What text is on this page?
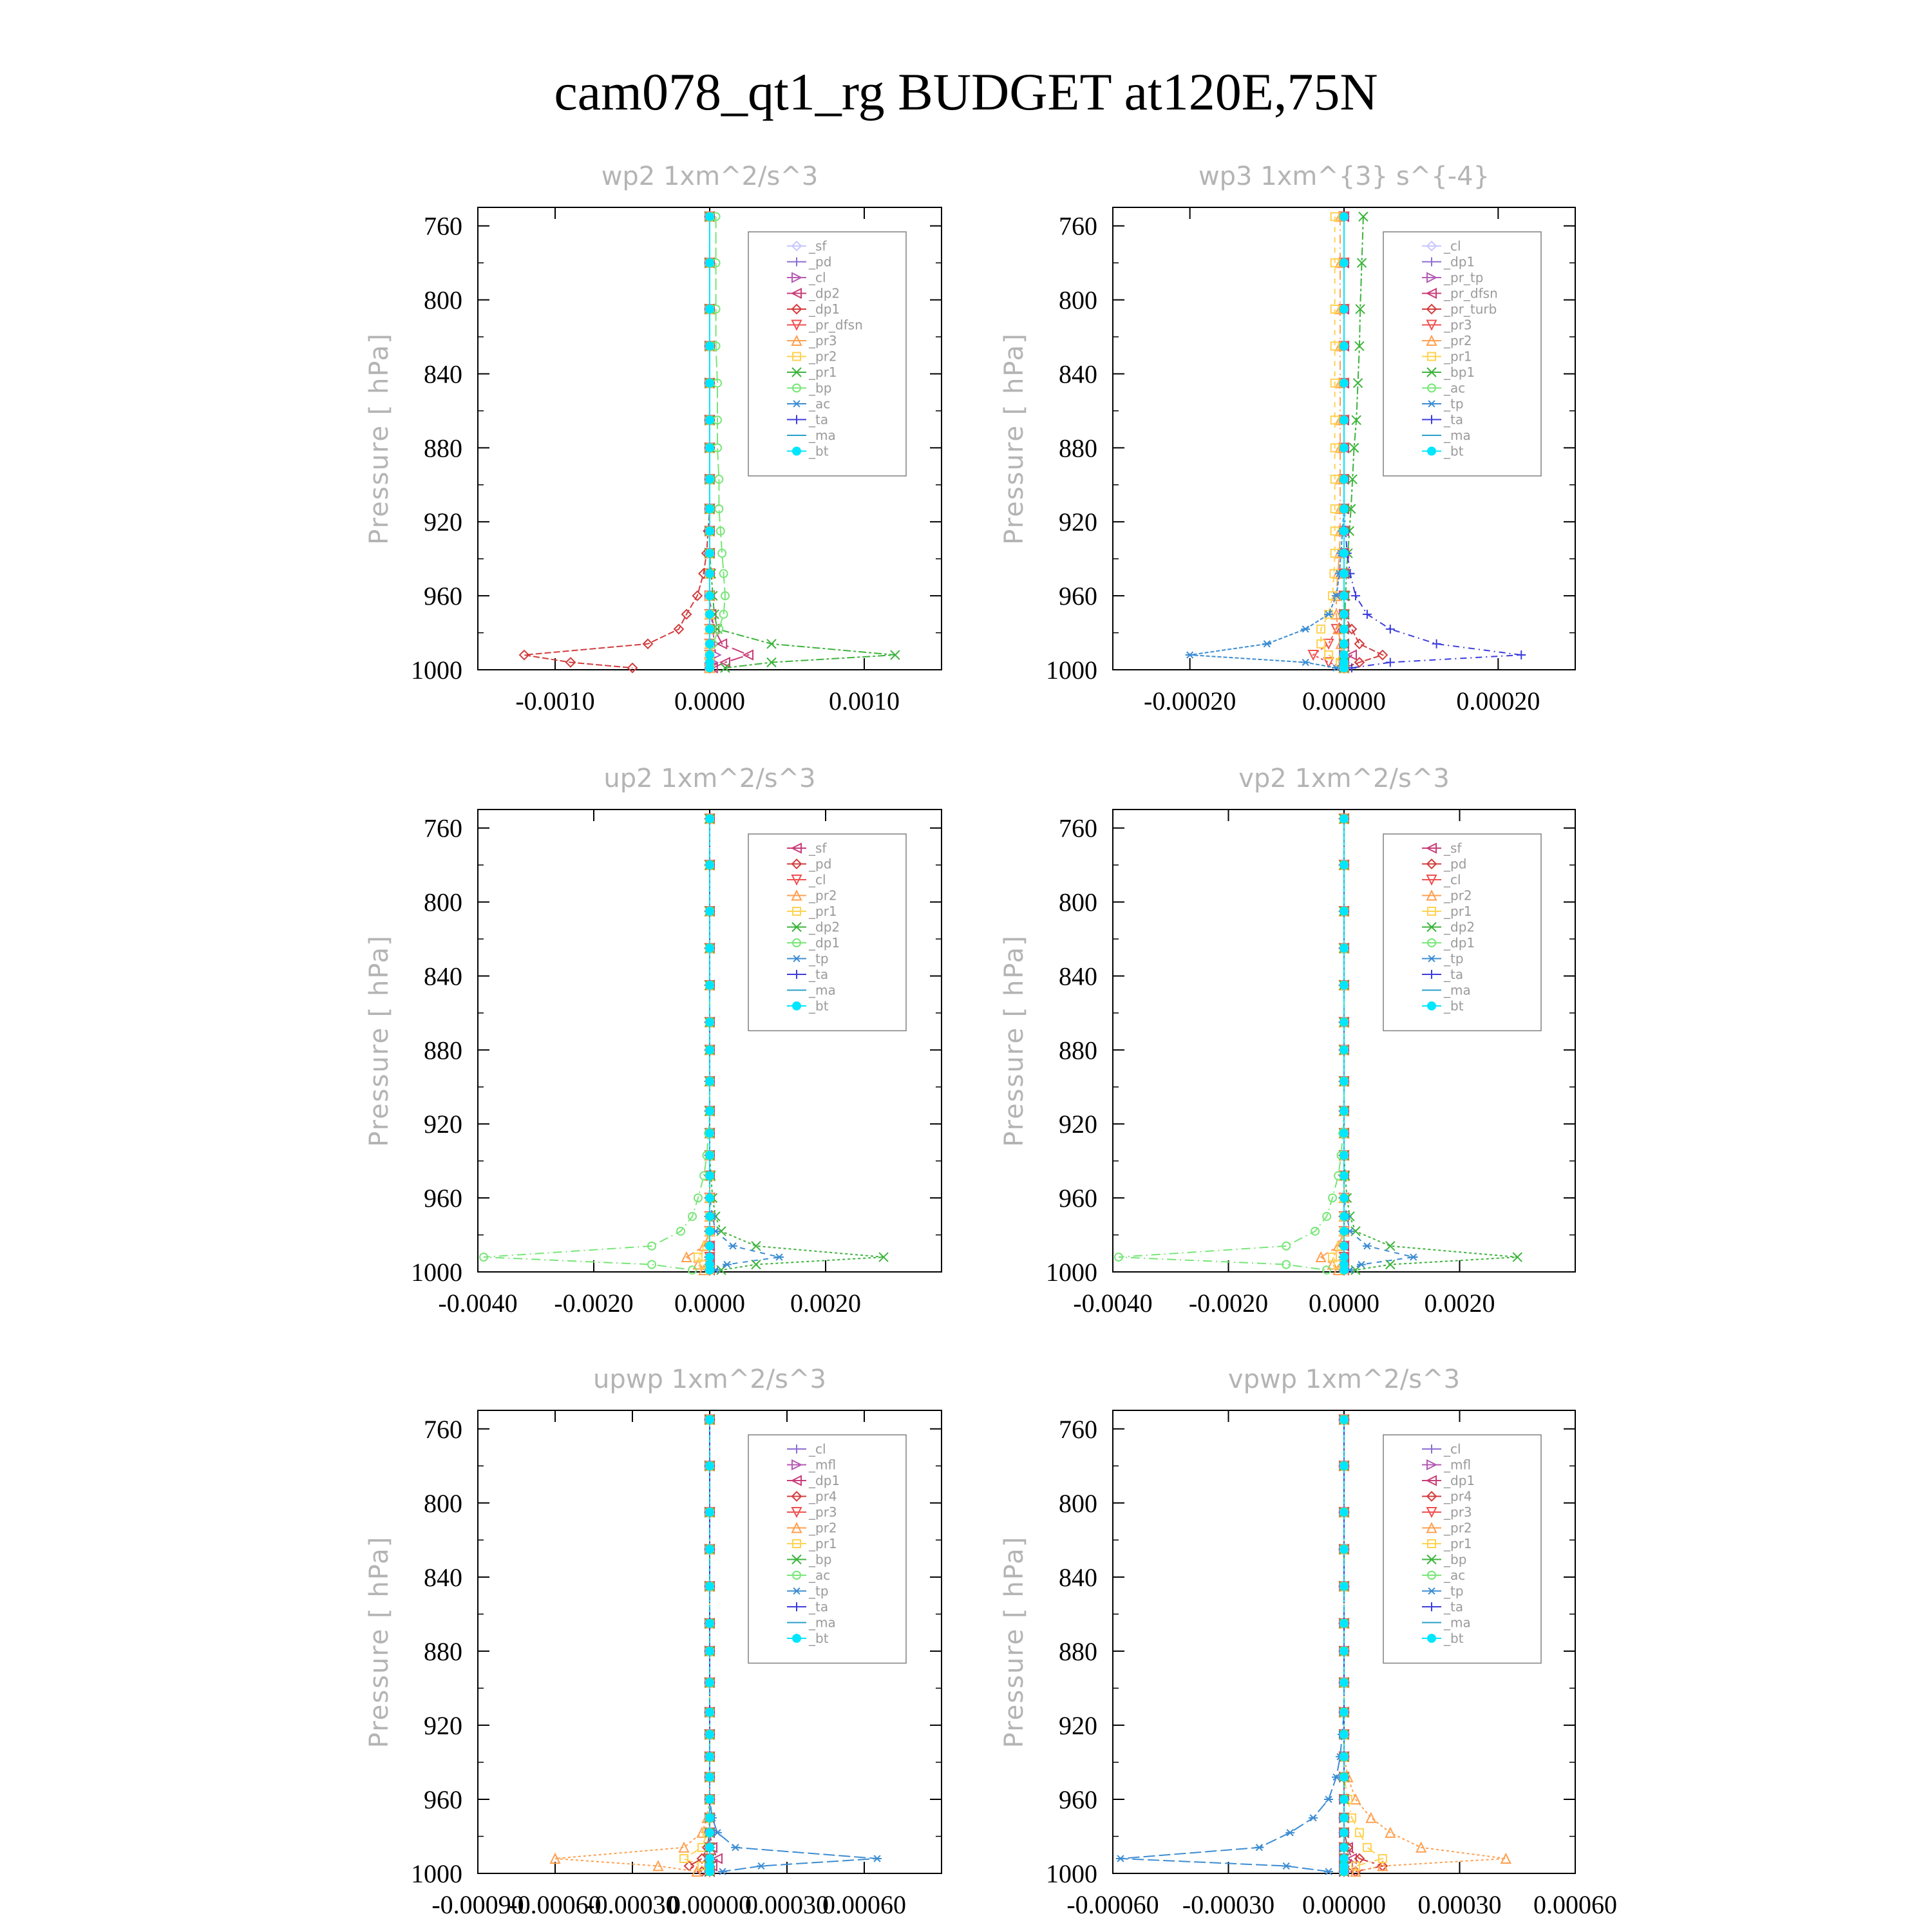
cam078_qt1_rg BUDGET at120E,75N
wp2 1xm^2/s^3
Pressure [ hPa]
760
800
840
880
920
960
1000
-0.0010	0.0000	0.0010
_sf
_pd
_cl
_dp2
_dp1
_pr_dfsn
_pr3
_pr2
_pr1
_bp
_ac
_ta
_ma
_bt
wp3 1xm^{3} s^{-4}
Pressure [ hPa]
760
800
840
880
920
960
1000
-0.00020	0.00000	0.00020
_cl
_dp1
_pr_tp
_pr_dfsn
_pr_turb
_pr3
_pr2
_pr1
_bp1
_ac
_tp
_ta
_ma
_bt
up2 1xm^2/s^3
Pressure [ hPa]
760
800
840
880
920
960
1000
-0.0040 -0.0020 0.0000 0.0020
_sf
_pd
_cl
_pr2
_pr1
_dp2
_dp1
_tp
_ta
_ma
_bt
vp2 1xm^2/s^3
Pressure [ hPa]
760
800
840
880
920
960
1000
-0.0040 -0.0020 0.0000 0.0020
_sf
_pd
_cl
_pr2
_pr1
_dp2
_dp1
_tp
_ta
_ma
_bt
upwp 1xm^2/s^3
Pressure [ hPa]
760
800
840
880
920
960
1000
-0.00090
-0.00060
-0.00030
0.00000
0.00030
0.00060
_cl
_mfl
_dp1
_pr4
_pr3
_pr2
_pr1
_bp
_ac
_tp
_ta
_ma
_bt
vpwp 1xm^2/s^3
Pressure [ hPa]
760
800
840
880
920
960
1000
-0.00060 -0.00030 0.00000 0.00030 0.00060
_cl
_mfl
_dp1
_pr4
_pr3
_pr2
_pr1
_bp
_ac
_tp
_ta
_ma
_bt
